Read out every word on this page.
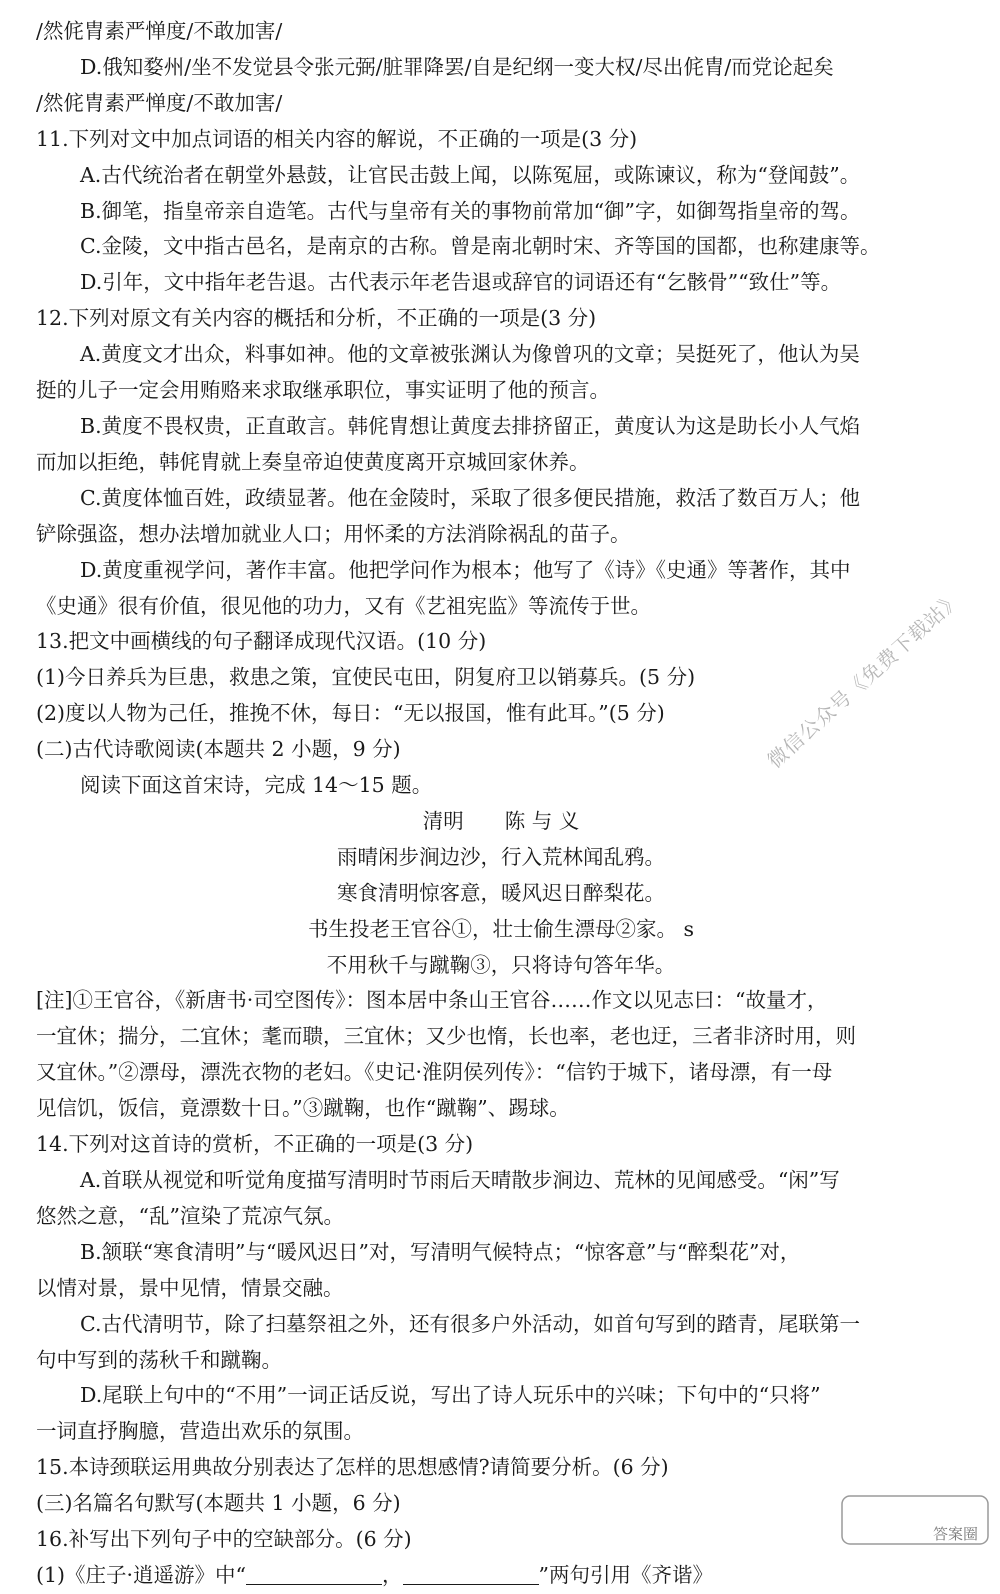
/然侂胄素严惮度/不敢加害/
D.俄知婺州/坐不发觉县令张元弼/脏罪降罢/自是纪纲一变大权/尽出侂胄/而党论起矣
/然侂胄素严惮度/不敢加害/
11.下列对文中加点词语的相关内容的解说，不正确的一项是(3 分)
A.古代统治者在朝堂外悬鼓，让官民击鼓上闻，以陈冤屈，或陈谏议，称为“登闻鼓”。
B.御笔，指皇帝亲自造笔。古代与皇帝有关的事物前常加“御”字，如御驾指皇帝的驾。
C.金陵，文中指古邑名，是南京的古称。曾是南北朝时宋、齐等国的国都，也称建康等。
D.引年，文中指年老告退。古代表示年老告退或辞官的词语还有“乞骸骨”“致仕”等。
12.下列对原文有关内容的概括和分析，不正确的一项是(3 分)
A.黄度文才出众，料事如神。他的文章被张渊认为像曾巩的文章；吴挺死了，他认为吴
挺的儿子一定会用贿赂来求取继承职位，事实证明了他的预言。
B.黄度不畏权贵，正直敢言。韩侂胄想让黄度去排挤留正，黄度认为这是助长小人气焰
而加以拒绝，韩侂胄就上奏皇帝迫使黄度离开京城回家休养。
C.黄度体恤百姓，政绩显著。他在金陵时，采取了很多便民措施，救活了数百万人；他
铲除强盗，想办法增加就业人口；用怀柔的方法消除祸乱的苗子。
D.黄度重视学问，著作丰富。他把学问作为根本；他写了《诗》《史通》等著作，其中
《史通》很有价值，很见他的功力，又有《艺祖宪监》等流传于世。
13.把文中画横线的句子翻译成现代汉语。(10 分)
(1)今日养兵为巨患，救患之策，宜使民屯田，阴复府卫以销募兵。(5 分)
(2)度以人物为己任，推挽不休，每日：“无以报国，惟有此耳。”(5 分)
(二)古代诗歌阅读(本题共 2 小题，9 分)
阅读下面这首宋诗，完成 14～15 题。
清明　　陈 与 义
雨晴闲步涧边沙，行入荒林闻乱鸦。
寒食清明惊客意，暖风迟日醉梨花。
书生投老王官谷①，壮士偷生漂母②家。 s
不用秋千与蹴鞠③，只将诗句答年华。
[注]①王官谷，《新唐书·司空图传》：图本居中条山王官谷……作文以见志曰：“故量才，
一宜休；揣分，二宜休；耄而聩，三宜休；又少也惰，长也率，老也迂，三者非济时用，则
又宜休。”②漂母，漂洗衣物的老妇。《史记·淮阴侯列传》：“信钓于城下，诸母漂，有一母
见信饥，饭信，竟漂数十日。”③蹴鞠，也作“蹴鞠”、踢球。
14.下列对这首诗的赏析，不正确的一项是(3 分)
A.首联从视觉和听觉角度描写清明时节雨后天晴散步涧边、荒林的见闻感受。“闲”写
悠然之意，“乱”渲染了荒凉气氛。
B.颔联“寒食清明”与“暖风迟日”对，写清明气候特点；“惊客意”与“醉梨花”对，
以情对景，景中见情，情景交融。
C.古代清明节，除了扫墓祭祖之外，还有很多户外活动，如首句写到的踏青，尾联第一
句中写到的荡秋千和蹴鞠。
D.尾联上句中的“不用”一词正话反说，写出了诗人玩乐中的兴味；下句中的“只将”
一词直抒胸臆，营造出欢乐的氛围。
15.本诗颈联运用典故分别表达了怎样的思想感情?请简要分析。(6 分)
(三)名篇名句默写(本题共 1 小题，6 分)
16.补写出下列句子中的空缺部分。(6 分)
(1)《庄子·逍遥游》中“	，	”两句引用《齐谐》
微信公众号《免费下载站》
答案圈
